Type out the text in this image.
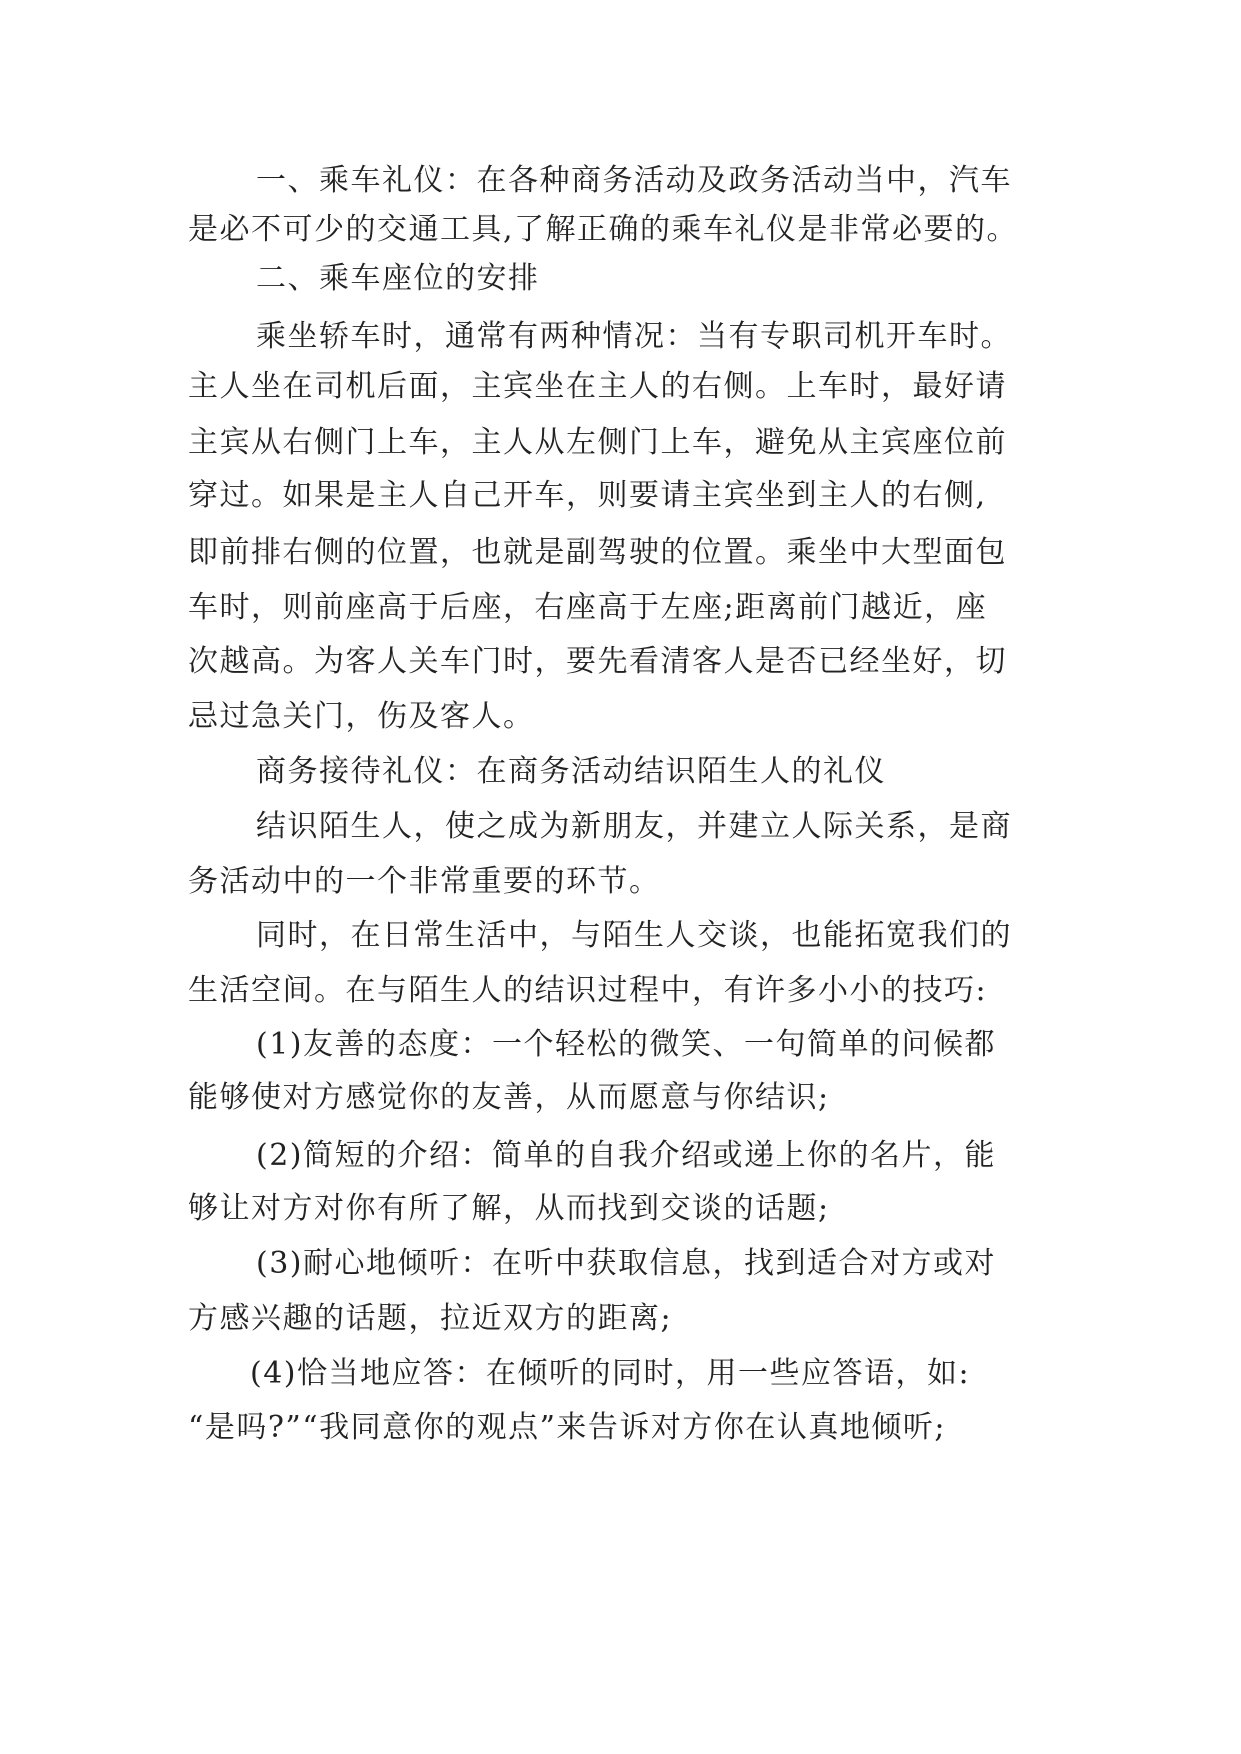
一、乘车礼仪：在各种商务活动及政务活动当中，汽车
是必不可少的交通工具,了解正确的乘车礼仪是非常必要的。
二、乘车座位的安排
乘坐轿车时，通常有两种情况：当有专职司机开车时。
主人坐在司机后面，主宾坐在主人的右侧。上车时，最好请
主宾从右侧门上车，主人从左侧门上车，避免从主宾座位前
穿过。如果是主人自己开车，则要请主宾坐到主人的右侧,
即前排右侧的位置，也就是副驾驶的位置。乘坐中大型面包
车时，则前座高于后座，右座高于左座;距离前门越近，座
次越高。为客人关车门时，要先看清客人是否已经坐好，切
忌过急关门，伤及客人。
商务接待礼仪：在商务活动结识陌生人的礼仪
结识陌生人，使之成为新朋友，并建立人际关系，是商
务活动中的一个非常重要的环节。
同时，在日常生活中，与陌生人交谈，也能拓宽我们的
生活空间。在与陌生人的结识过程中，有许多小小的技巧:
(1)友善的态度：一个轻松的微笑、一句简单的问候都
能够使对方感觉你的友善，从而愿意与你结识;
(2)简短的介绍：简单的自我介绍或递上你的名片，能
够让对方对你有所了解，从而找到交谈的话题;
(3)耐心地倾听：在听中获取信息，找到适合对方或对
方感兴趣的话题，拉近双方的距离;
(4)恰当地应答：在倾听的同时，用一些应答语，如:
“是吗?”“我同意你的观点”来告诉对方你在认真地倾听;
